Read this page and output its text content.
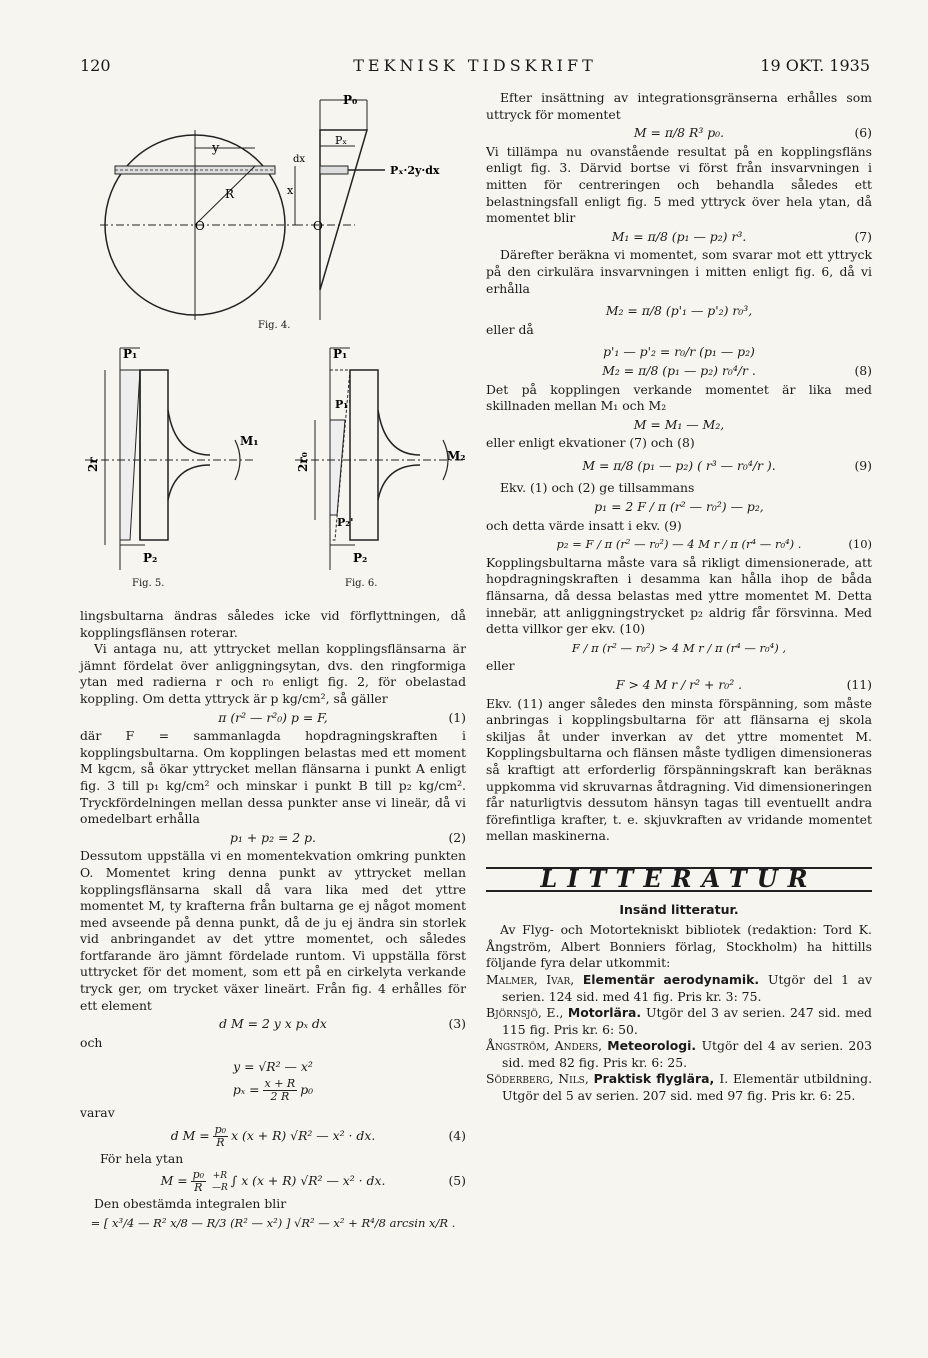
120	TEKNISK TIDSKRIFT	19 OKT. 1935
y
R
O
x
dx
P₀
Pₓ
Pₓ·2y·dx
O
Fig. 4.
P₁
M₁
2r
P₂
Fig. 5.
P₁
P₁'
M₂
2r₀
P₂'
P₂
Fig. 6.

lingsbultarna ändras således icke vid förflyttningen, då kopplingsflänsen roterar.

Vi antaga nu, att yttrycket mellan kopplingsflänsarna är jämnt fördelat över anliggningsytan, dvs. den ringformiga ytan med radierna r och r₀ enligt fig. 2, för obelastad koppling. Om detta yttryck är p kg/cm², så gäller

π (r² — r²₀) p = F,	(1)

där F = sammanlagda hopdragningskraften i kopplingsbultarna. Om kopplingen belastas med ett moment M kgcm, så ökar yttrycket mellan flänsarna i punkt A enligt fig. 3 till p₁ kg/cm² och minskar i punkt B till p₂ kg/cm². Tryckfördelningen mellan dessa punkter anse vi lineär, då vi omedelbart erhålla

p₁ + p₂ = 2 p.	(2)

Dessutom uppställa vi en momentekvation omkring punkten O. Momentet kring denna punkt av yttrycket mellan kopplingsflänsarna skall då vara lika med det yttre momentet M, ty krafterna från bultarna ge ej något moment med avseende på denna punkt, då de ju ej ändra sin storlek vid anbringandet av det yttre momentet, och således fortfarande äro jämnt fördelade runtom. Vi uppställa först uttrycket för det moment, som ett på en cirkelyta verkande tryck ger, om trycket växer lineärt. Från fig. 4 erhålles för ett element

d M = 2 y x pₓ dx	(3)

och

y = √R² — x²
$p_x = \frac{x + R}{2 R} p_0$

varav

d $M = \frac{\text{p₀}}{R}$ x (x + R) √R² — x² · dx.	(4)

För hela ytan

$M = \frac{\text{p₀}}{R} +R$
—R ∫ x (x + R) √R² — x² · dx.	(5)

Den obestämda integralen blir

= [ x³/4 — R² x/8 — R/3 (R² — x²) ] √R² — x² + R⁴/8 arcsin x/R .

Efter insättning av integrationsgränserna erhålles som uttryck för momentet

M = π/8 R³ p₀.	(6)

Vi tillämpa nu ovanstående resultat på en kopplingsfläns enligt fig. 3. Därvid bortse vi först från insvarvningen i mitten för centreringen och behandla således ett belastningsfall enligt fig. 5 med yttryck över hela ytan, då momentet blir

M₁ = π/8 (p₁ — p₂) r³.	(7)

Därefter beräkna vi momentet, som svarar mot ett yttryck på den cirkulära insvarvningen i mitten enligt fig. 6, då vi erhålla

M₂ = π/8 (p'₁ — p'₂) r₀³,

eller då

p'₁ — p'₂ = r₀/r (p₁ — p₂)
M₂ = π/8 (p₁ — p₂) r₀⁴/r .	(8)

Det på kopplingen verkande momentet är lika med skillnaden mellan M₁ och M₂

M = M₁ — M₂,

eller enligt ekvationer (7) och (8)

M = π/8 (p₁ — p₂) ( r³ — r₀⁴/r ).	(9)

Ekv. (1) och (2) ge tillsammans

p₁ = 2 F / π (r² — r₀²) — p₂,

och detta värde insatt i ekv. (9)

p₂ = F / π (r² — r₀²) — 4 M r / π (r⁴ — r₀⁴) .	(10)

Kopplingsbultarna måste vara så rikligt dimensionerade, att hopdragningskraften i desamma kan hålla ihop de båda flänsarna, då dessa belastas med yttre momentet M. Detta innebär, att anliggningstrycket p₂ aldrig får försvinna. Med detta villkor ger ekv. (10)

F / π (r² — r₀²) > 4 M r / π (r⁴ — r₀⁴) ,

eller

F > 4 M r / r² + r₀² .	(11)

Ekv. (11) anger således den minsta förspänning, som måste anbringas i kopplingsbultarna för att flänsarna ej skola skiljas åt under inverkan av det yttre momentet M. Kopplingsbultarna och flänsen måste tydligen dimensioneras så kraftigt att erforderlig förspänningskraft kan beräknas uppkomma vid skruvarnas åtdragning. Vid dimensioneringen får naturligtvis dessutom hänsyn tagas till eventuellt andra förefintliga krafter, t. e. skjuvkraften av vridande momentet mellan maskinerna.

LITTERATUR
Insänd litteratur.

Av Flyg- och Motortekniskt bibliotek (redaktion: Tord K. Ångström, Albert Bonniers förlag, Stockholm) ha hittills följande fyra delar utkommit:

Malmer, Ivar, Elementär aerodynamik. Utgör del 1 av serien. 124 sid. med 41 fig. Pris kr. 3: 75.

Björnsjö, E., Motorlära. Utgör del 3 av serien. 247 sid. med 115 fig. Pris kr. 6: 50.

Ångström, Anders, Meteorologi. Utgör del 4 av serien. 203 sid. med 82 fig. Pris kr. 6: 25.

Söderberg, Nils, Praktisk flyglära, I. Elementär utbildning. Utgör del 5 av serien. 207 sid. med 97 fig. Pris kr. 6: 25.
